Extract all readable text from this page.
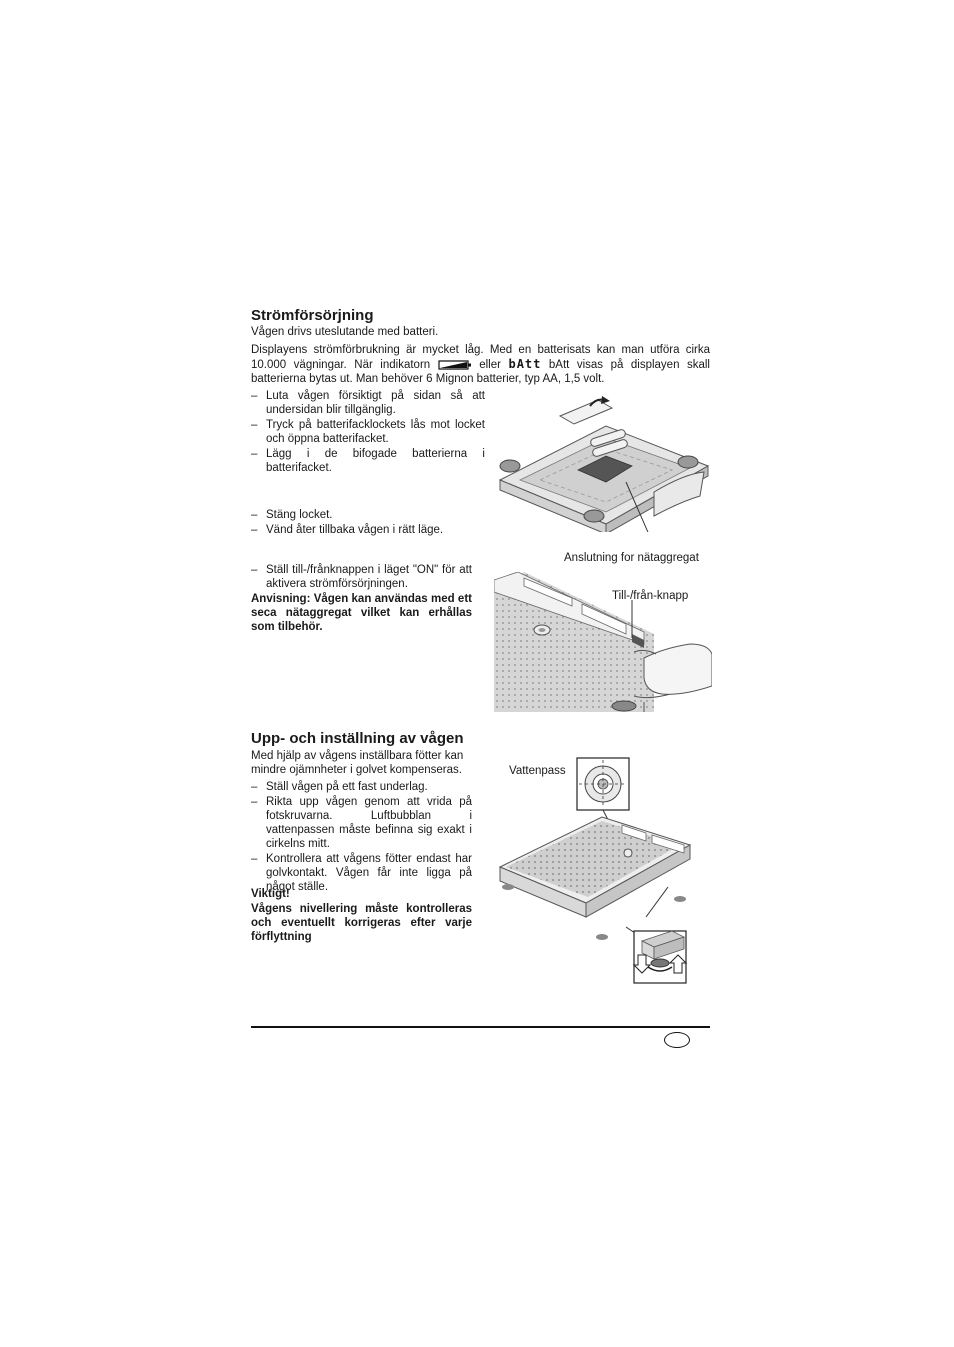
Strömförsörjning

Vågen drivs uteslutande med batteri.

Displayens strömförbrukning är mycket låg. Med en batterisats kan man utföra cirka 10.000 vägningar. När indikatorn	eller bAtt bAtt visas på displayen skall batterierna bytas ut. Man behöver 6 Mignon batterier, typ AA, 1,5 volt.

– Luta vågen försiktigt på sidan så att undersidan blir tillgänglig.
– Tryck på batterifacklockets lås mot locket och öppna batterifacket.
– Lägg i de bifogade batterierna i batterifacket.
– Stäng locket.
– Vänd åter tillbaka vågen i rätt läge.
– Ställ till-/frånknappen i läget "ON" för att aktivera strömförsörjningen.

Anvisning: Vågen kan användas med ett seca nätaggregat vilket kan erhållas som tilbehör.

Anslutning for nätaggregat
Till-/från-knapp
Upp- och inställning av vågen

Med hjälp av vågens inställbara fötter kan mindre ojämnheter i golvet kompenseras.

– Ställ vågen på ett fast underlag.
– Rikta upp vågen genom att vrida på fotskruvarna. Luftbubblan i vattenpassen måste befinna sig exakt i cirkelns mitt.
– Kontrollera att vågens fötter endast har golvkontakt. Vågen får inte ligga på något ställe.

Viktigt!

Vågens nivellering måste kontrolleras och eventuellt korrigeras efter varje förflyttning

Vattenpass
